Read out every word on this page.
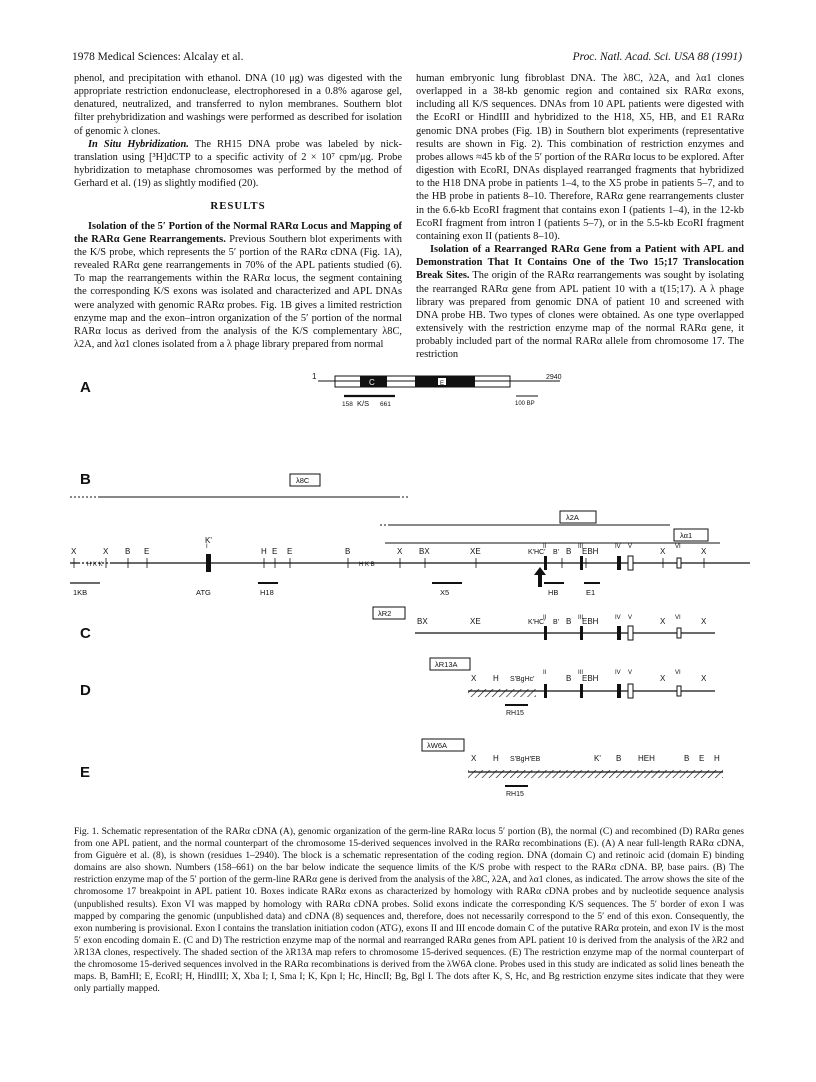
1978 Medical Sciences: Alcalay et al.	Proc. Natl. Acad. Sci. USA 88 (1991)

phenol, and precipitation with ethanol. DNA (10 μg) was digested with the appropriate restriction endonuclease, electrophoresed in a 0.8% agarose gel, denatured, neutralized, and transferred to nylon membranes. Southern blot filter prehybridization and washings were performed as described for isolation of genomic λ clones.

In Situ Hybridization. The RH15 DNA probe was labeled by nick-translation using [³H]dCTP to a specific activity of 2 × 10⁷ cpm/μg. Probe hybridization to metaphase chromosomes was performed by the method of Gerhard et al. (19) as slightly modified (20).

RESULTS

Isolation of the 5′ Portion of the Normal RARα Locus and Mapping of the RARα Gene Rearrangements. Previous Southern blot experiments with the K/S probe, which represents the 5′ portion of the RARα cDNA (Fig. 1A), revealed RARα gene rearrangements in 70% of the APL patients studied (6). To map the rearrangements within the RARα locus, the segment containing the corresponding K/S exons was isolated and characterized and APL DNAs were analyzed with genomic RARα probes. Fig. 1B gives a limited restriction enzyme map and the exon–intron organization of the 5′ portion of the normal RARα locus as derived from the analysis of the K/S complementary λ8C, λ2A, and λα1 clones isolated from a λ phage library prepared from normal

human embryonic lung fibroblast DNA. The λ8C, λ2A, and λα1 clones overlapped in a 38-kb genomic region and contained six RARα exons, including all K/S sequences. DNAs from 10 APL patients were digested with the EcoRI or HindIII and hybridized to the H18, X5, HB, and E1 RARα genomic DNA probes (Fig. 1B) in Southern blot experiments (representative results are shown in Fig. 2). This combination of restriction enzymes and probes allows ≈45 kb of the 5′ portion of the RARα locus to be explored. After digestion with EcoRI, DNAs displayed rearranged fragments that hybridized to the H18 DNA probe in patients 1–4, to the X5 probe in patients 5–7, and to the HB probe in patients 8–10. Therefore, RARα gene rearrangements cluster in the 6.6-kb EcoRI fragment that contains exon I (patients 1–4), in the 12-kb EcoRI fragment from intron I (patients 5–7), or in the 5.5-kb EcoRI fragment containing exon II (patients 8–10).

Isolation of a Rearranged RARα Gene from a Patient with APL and Demonstration That It Contains One of the Two 15;17 Translocation Break Sites. The origin of the RARα rearrangements was sought by isolating the rearranged RARα gene from APL patient 10 with a t(15;17). A λ phage library was prepared from genomic DNA of patient 10 and screened with DNA probe HB. Two types of clones were obtained. As one type overlapped extensively with the restriction enzyme map of the normal RARα gene, it probably included part of the normal RARα allele from chromosome 17. The restriction

A
1	2940
C	E
158 K/S 661	100 BP
B	λ8C
λ2A
λα1
X
H K K
X B E
K'
H E E	B
H K B
X BX	XE	K'HC' B' B EBH	X	X
I	II	III	IV V	VI
1KB	ATG	H18	X5	HB	E1
λR2
C
BX	XE	K'HC' B' B EBH	X	X
II	III	IV V	VI
λR13A
D
X H S'BgHc'	B EBH	X	X
II	III	IV V	VI
RH15
λW6A
E
X H S'BgH'EB	K' B HEH	B E H
RH15
Fig. 1. Schematic representation of the RARα cDNA (A), genomic organization of the germ-line RARα locus 5′ portion (B), the normal (C) and recombined (D) RARα genes from one APL patient, and the normal counterpart of the chromosome 15-derived sequences involved in the RARα recombinations (E). (A) A near full-length RARα cDNA, from Giguère et al. (8), is shown (residues 1–2940). The block is a schematic representation of the coding region. DNA (domain C) and retinoic acid (domain E) binding domains are also shown. Numbers (158–661) on the bar below indicate the sequence limits of the K/S probe with respect to the RARα cDNA. BP, base pairs. (B) The restriction enzyme map of the 5′ portion of the germ-line RARα gene is derived from the analysis of the λ8C, λ2A, and λα1 clones, as indicated. The arrow shows the site of the chromosome 17 breakpoint in APL patient 10. Boxes indicate RARα exons as characterized by homology with RARα cDNA probes and by nucleotide sequence analysis (unpublished results). Exon VI was mapped by homology with RARα cDNA probes. Solid exons indicate the corresponding K/S sequences. The 5′ border of exon I was mapped by comparing the genomic (unpublished data) and cDNA (8) sequences and, therefore, does not necessarily correspond to the 5′ end of this exon. Consequently, the exon numbering is provisional. Exon I contains the translation initiation codon (ATG), exons II and III encode domain C of the putative RARα protein, and exon IV is the most 5′ exon encoding domain E. (C and D) The restriction enzyme map of the normal and rearranged RARα genes from APL patient 10 is derived from the analysis of the λR2 and λR13A clones, respectively. The shaded section of the λR13A map refers to chromosome 15-derived sequences. (E) The restriction enzyme map of the normal counterpart of the chromosome 15-derived sequences involved in the RARα recombinations is derived from the λW6A clone. Probes used in this study are indicated as solid lines beneath the maps. B, BamHI; E, EcoRI; H, HindIII; X, Xba I; I, Sma I; K, Kpn I; Hc, HincII; Bg, Bgl I. The dots after K, S, Hc, and Bg restriction enzyme sites indicate that they were only partially mapped.
